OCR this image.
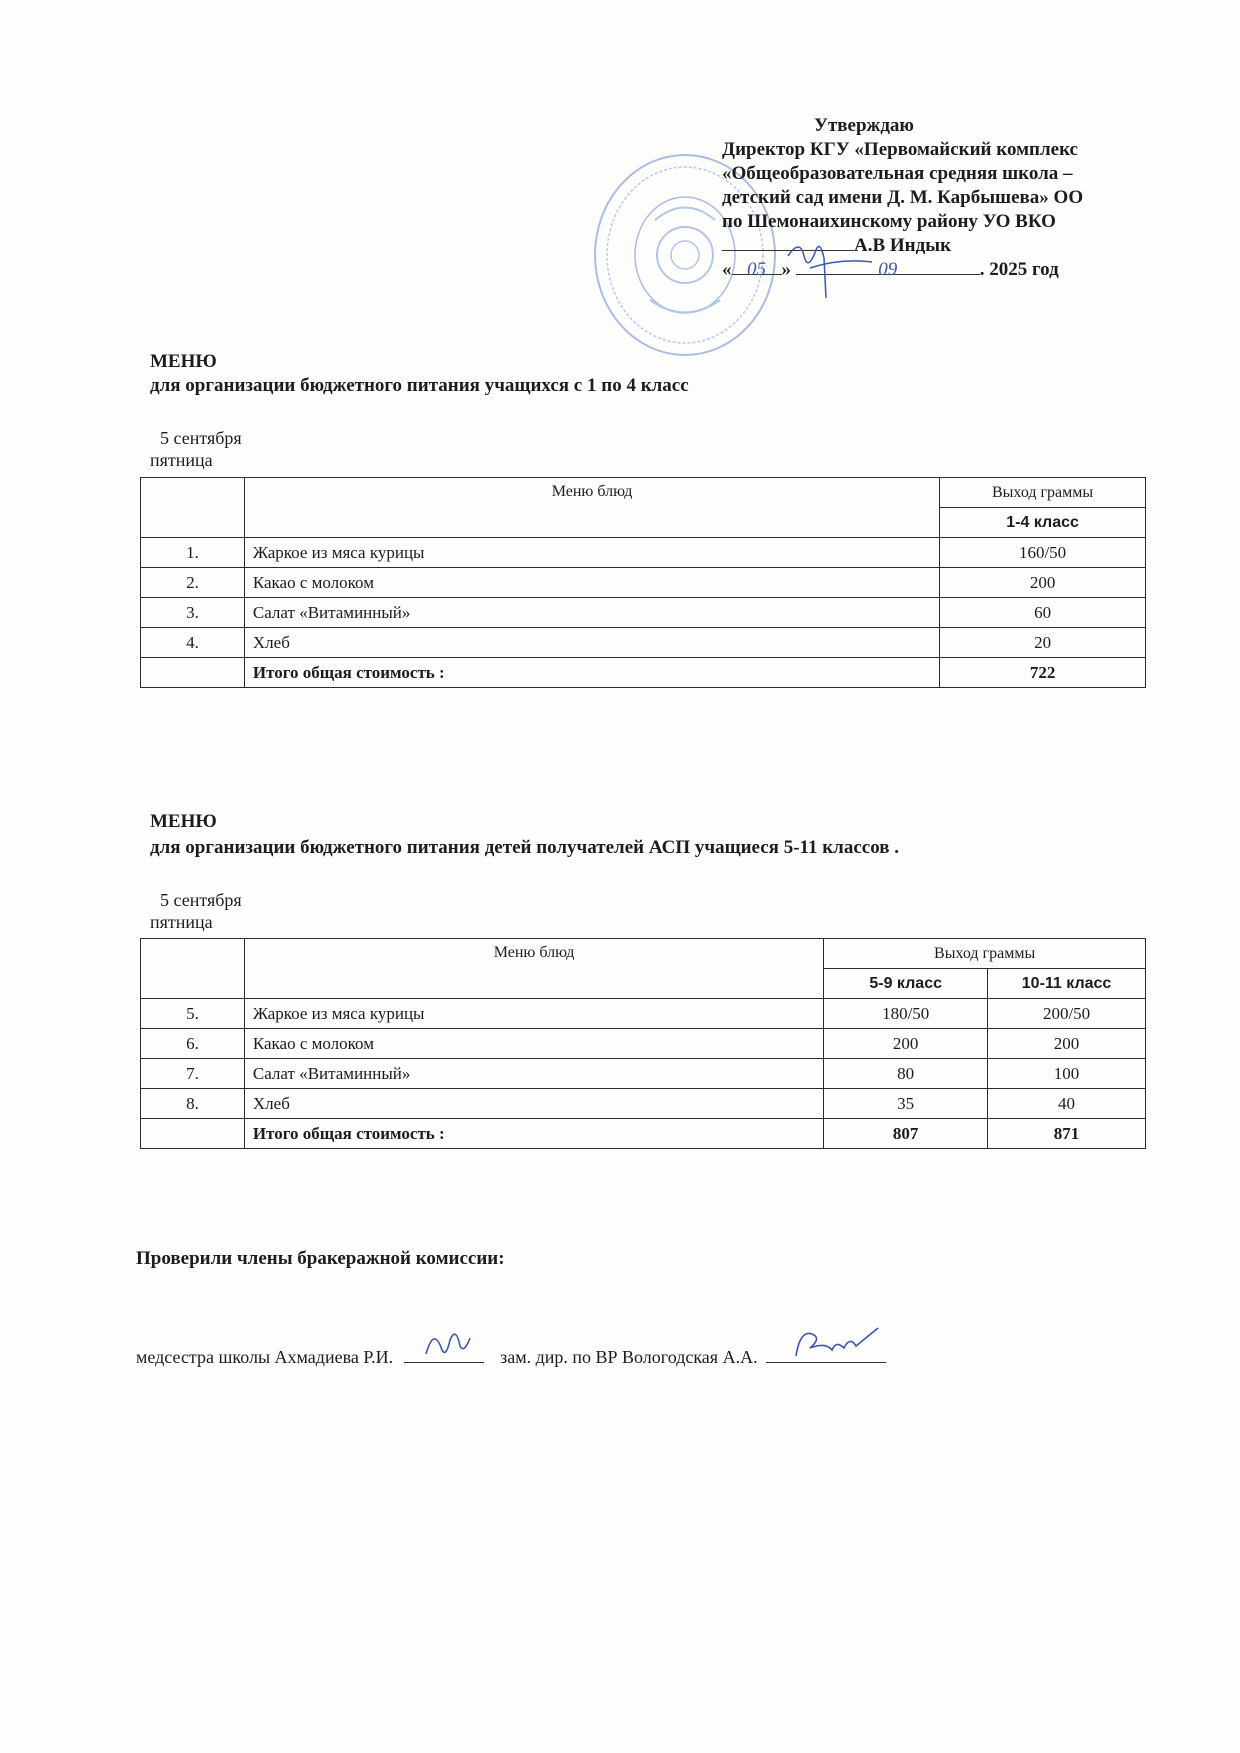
Утверждаю
Директор КГУ «Первомайский комплекс
«Общеобразовательная средняя школа –
детский сад имени Д. М. Карбышева» ОО
по Шемонаихинскому району УО ВКО
А.В Индык
« 05 »	09	. 2025 год
МЕНЮ
для организации бюджетного питания учащихся с 1 по 4 класс
5 сентября
пятница
	Меню блюд	Выход граммы
		1-4 класс
1.	Жаркое из мяса курицы	160/50
2.	Какао с молоком	200
3.	Салат «Витаминный»	60
4.	Хлеб	20
	Итого общая стоимость :	722
МЕНЮ
для организации бюджетного питания детей получателей АСП учащиеся 5-11 классов .
5 сентября
пятница
	Меню блюд	Выход граммы	
		5-9 класс	10-11 класс
5.	Жаркое из мяса курицы	180/50	200/50
6.	Какао с молоком	200	200
7.	Салат «Витаминный»	80	100
8.	Хлеб	35	40
	Итого общая стоимость :	807	871
Проверили члены бракеражной комиссии:
медсестра школы Ахмадиева Р.И.	зам. дир. по ВР Вологодская А.А.
